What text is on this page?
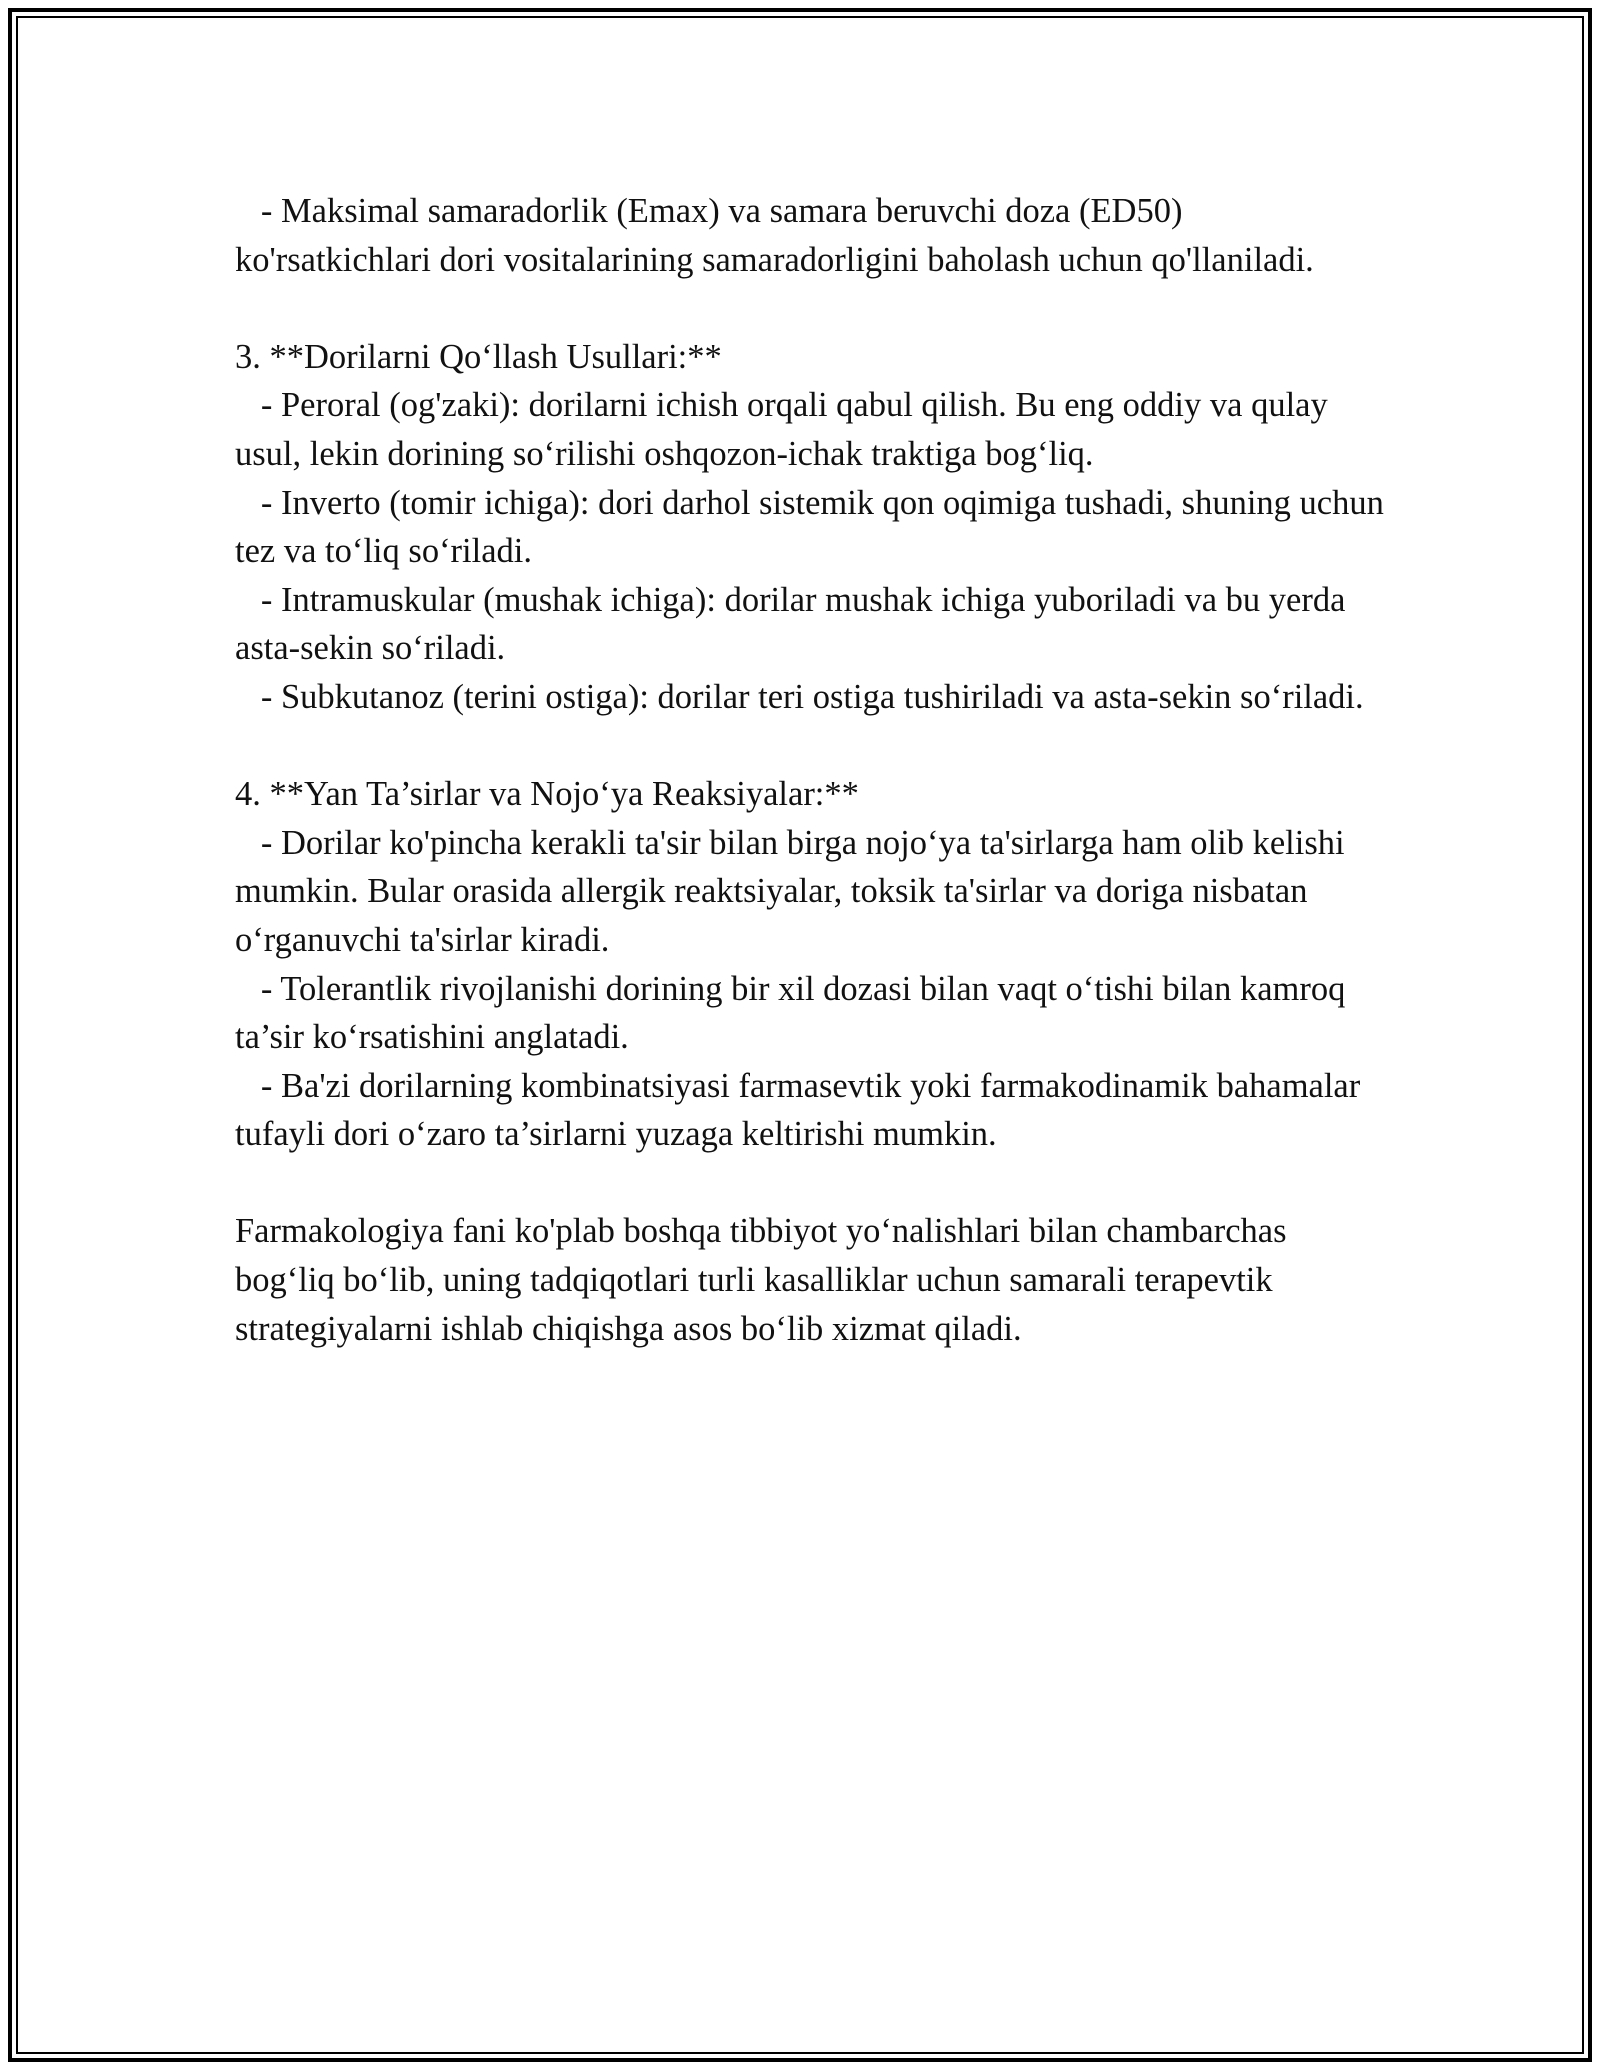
- Maksimal samaradorlik (Emax) va samara beruvchi doza (ED50) ko'rsatkichlari dori vositalarining samaradorligini baholash uchun qo'llaniladi.

3. **Dorilarni Qo‘llash Usullari:**

- Peroral (og'zaki): dorilarni ichish orqali qabul qilish. Bu eng oddiy va qulay usul, lekin dorining so‘rilishi oshqozon-ichak traktiga bog‘liq.

- Inverto (tomir ichiga): dori darhol sistemik qon oqimiga tushadi, shuning uchun tez va to‘liq so‘riladi.

- Intramuskular (mushak ichiga): dorilar mushak ichiga yuboriladi va bu yerda asta-sekin so‘riladi.

- Subkutanoz (terini ostiga): dorilar teri ostiga tushiriladi va asta-sekin so‘riladi.

4. **Yan Ta’sirlar va Nojo‘ya Reaksiyalar:**

- Dorilar ko'pincha kerakli ta'sir bilan birga nojo‘ya ta'sirlarga ham olib kelishi mumkin. Bular orasida allergik reaktsiyalar, toksik ta'sirlar va doriga nisbatan o‘rganuvchi ta'sirlar kiradi.

- Tolerantlik rivojlanishi dorining bir xil dozasi bilan vaqt o‘tishi bilan kamroq ta’sir ko‘rsatishini anglatadi.

- Ba'zi dorilarning kombinatsiyasi farmasevtik yoki farmakodinamik bahamalar tufayli dori o‘zaro ta’sirlarni yuzaga keltirishi mumkin.

Farmakologiya fani ko'plab boshqa tibbiyot yo‘nalishlari bilan chambarchas bog‘liq bo‘lib, uning tadqiqotlari turli kasalliklar uchun samarali terapevtik strategiyalarni ishlab chiqishga asos bo‘lib xizmat qiladi.
